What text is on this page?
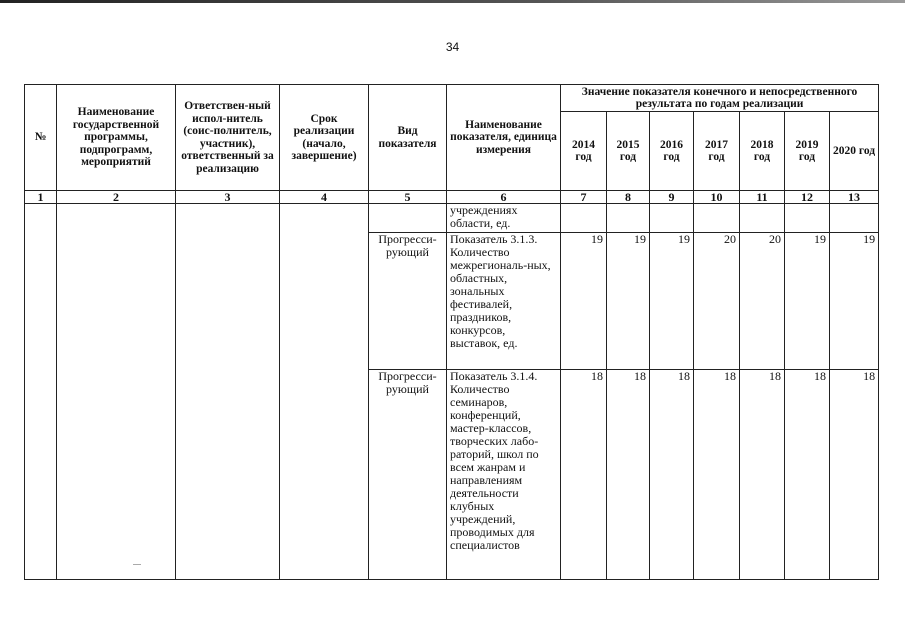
34
№	Наименование государственной программы, подпрограмм, мероприятий	Ответствен-ный испол-нитель (соис-полнитель, участник), ответственный за реализацию	Срок реализации (начало, завершение)	Вид показателя	Наименование показателя, единица измерения	Значение показателя конечного и непосредственного результата по годам реализации						
						2014 год	2015 год	2016 год	2017 год	2018 год	2019 год	2020 год
1	2	3	4	5	6	7	8	9	10	11	12	13
					учреждениях области, ед.							
				Прогресси-рующий	Показатель 3.1.3. Количество межрегиональ-ных, областных, зональных фестивалей, праздников, конкурсов, выставок, ед.	19	19	19	20	20	19	19
				Прогресси-рующий	Показатель 3.1.4. Количество семинаров, конференций, мастер-классов, творческих лабо-раторий, школ по всем жанрам и направлениям деятельности клубных учреждений, проводимых для специалистов	18	18	18	18	18	18	18
